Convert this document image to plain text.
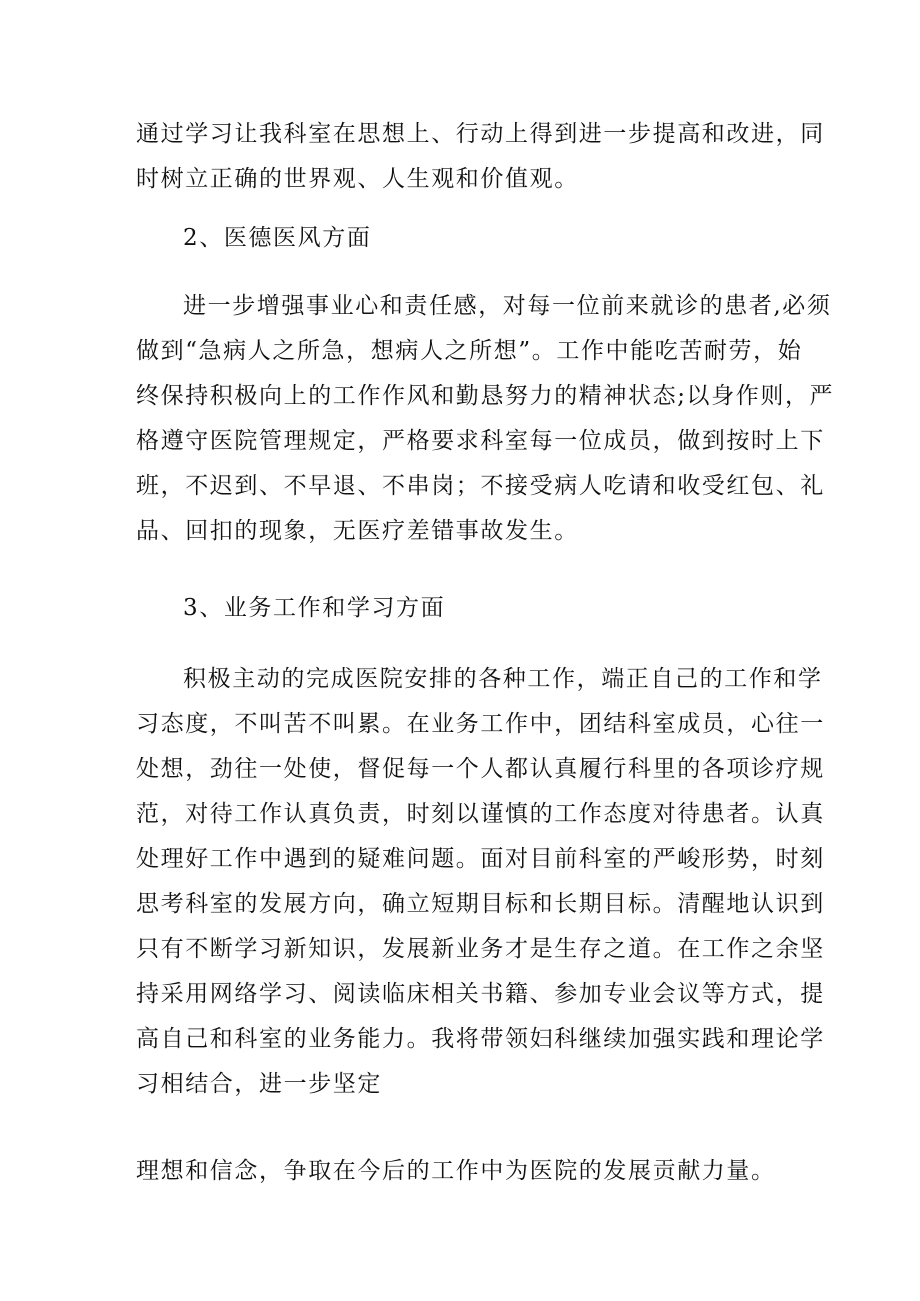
通过学习让我科室在思想上、行动上得到进一步提高和改进，同
时树立正确的世界观、人生观和价值观。
2、医德医风方面
进一步增强事业心和责任感，对每一位前来就诊的患者,必须
做到“急病人之所急，想病人之所想”。工作中能吃苦耐劳，始
终保持积极向上的工作作风和勤恳努力的精神状态;以身作则，严
格遵守医院管理规定，严格要求科室每一位成员，做到按时上下
班，不迟到、不早退、不串岗；不接受病人吃请和收受红包、礼
品、回扣的现象，无医疗差错事故发生。
3、业务工作和学习方面
积极主动的完成医院安排的各种工作，端正自己的工作和学
习态度，不叫苦不叫累。在业务工作中，团结科室成员，心往一
处想，劲往一处使，督促每一个人都认真履行科里的各项诊疗规
范，对待工作认真负责，时刻以谨慎的工作态度对待患者。认真
处理好工作中遇到的疑难问题。面对目前科室的严峻形势，时刻
思考科室的发展方向，确立短期目标和长期目标。清醒地认识到
只有不断学习新知识，发展新业务才是生存之道。在工作之余坚
持采用网络学习、阅读临床相关书籍、参加专业会议等方式，提
高自己和科室的业务能力。我将带领妇科继续加强实践和理论学
习相结合，进一步坚定
理想和信念，争取在今后的工作中为医院的发展贡献力量。
